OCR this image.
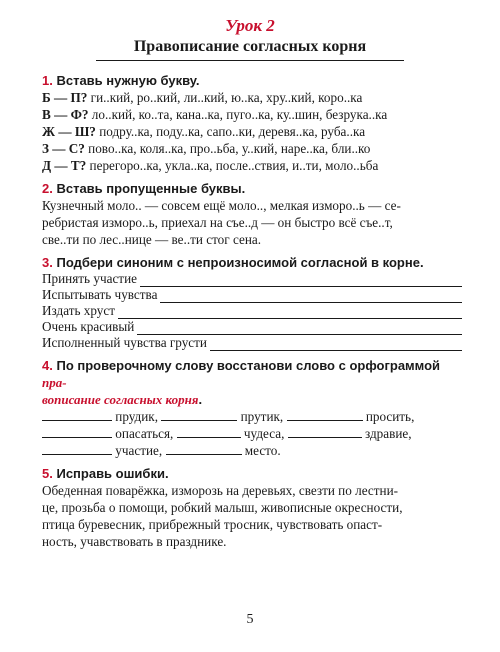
Урок 2
Правописание согласных корня
1. Вставь нужную букву.
Б — П? ги..кий, ро..кий, ли..кий, ю..ка, хру..кий, коро..ка
В — Ф? ло..кий, ко..та, кана..ка, пуго..ка, ку..шин, безрука..ка
Ж — Ш? подру..ка, поду..ка, сапо..ки, деревя..ка, руба..ка
З — С? пово..ка, коля..ка, про..ьба, у..кий, наре..ка, бли..ко
Д — Т? перегоро..ка, укла..ка, после..ствия, и..ти, моло..ьба
2. Вставь пропущенные буквы.
Кузнечный моло.. — совсем ещё моло.., мелкая изморо..ь — се-
ребристая изморо..ь, приехал на съе..д — он быстро всё съе..т,
све..ти по лес..нице — ве..ти стог сена.
3. Подбери синоним с непроизносимой согласной в корне.
Принять участие
Испытывать чувства
Издать хруст
Очень красивый
Исполненный чувства грусти
4. По проверочному слову восстанови слово с орфограммой пра-
вописание согласных корня.
прудик,	прутик,	просить,
опасаться,	чудеса,	здравие,
участие,	место.
5. Исправь ошибки.
Обеденная поварёжка, изморозь на деревьях, свезти по лестни-
це, прозьба о помощи, робкий малыш, живописные окресности,
птица буревесник, прибрежный тросник, чувствовать опаст-
ность, учавствовать в празднике.
5
